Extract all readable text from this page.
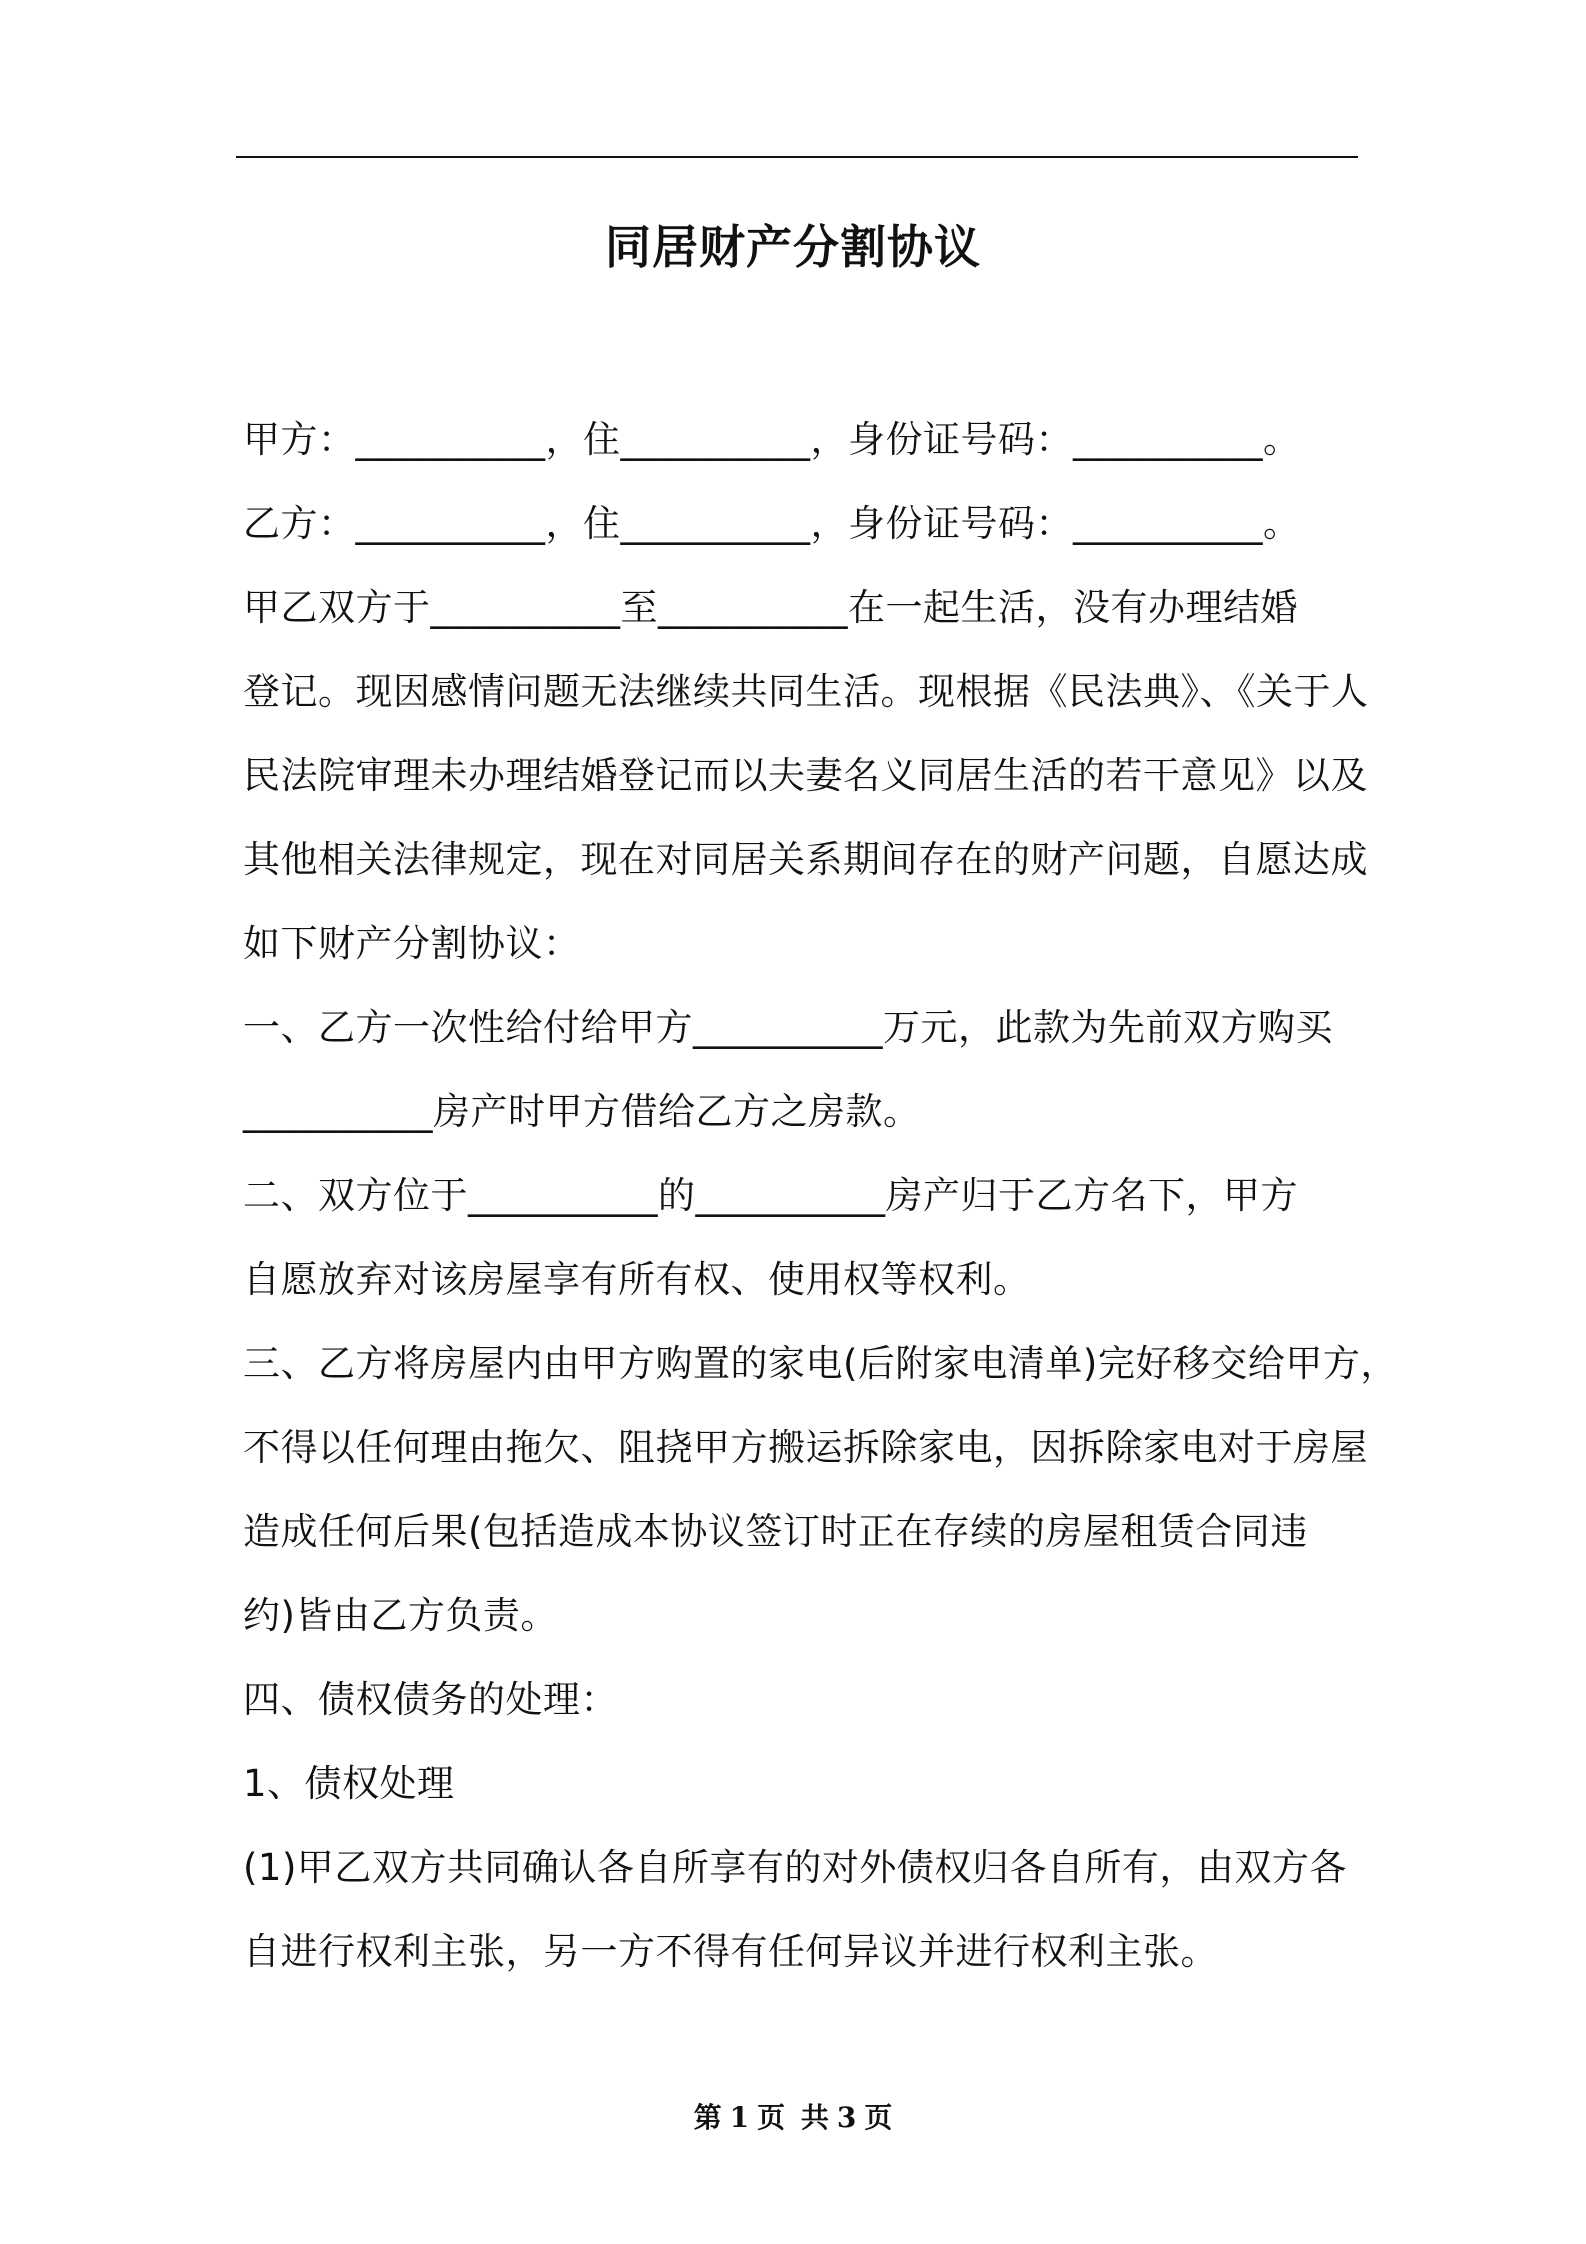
同居财产分割协议
甲方：__________，住__________，身份证号码：__________。
乙方：__________，住__________，身份证号码：__________。
甲乙双方于__________至__________在一起生活，没有办理结婚
登记。现因感情问题无法继续共同生活。现根据《民法典》、《关于人
民法院审理未办理结婚登记而以夫妻名义同居生活的若干意见》以及
其他相关法律规定，现在对同居关系期间存在的财产问题，自愿达成
如下财产分割协议：
一、乙方一次性给付给甲方__________万元，此款为先前双方购买
__________房产时甲方借给乙方之房款。
二、双方位于__________的__________房产归于乙方名下，甲方
自愿放弃对该房屋享有所有权、使用权等权利。
三、乙方将房屋内由甲方购置的家电(后附家电清单)完好移交给甲方，
不得以任何理由拖欠、阻挠甲方搬运拆除家电，因拆除家电对于房屋
造成任何后果(包括造成本协议签订时正在存续的房屋租赁合同违
约)皆由乙方负责。
四、债权债务的处理：
1、债权处理
(1)甲乙双方共同确认各自所享有的对外债权归各自所有，由双方各
自进行权利主张，另一方不得有任何异议并进行权利主张。
第 1 页 共 3 页
